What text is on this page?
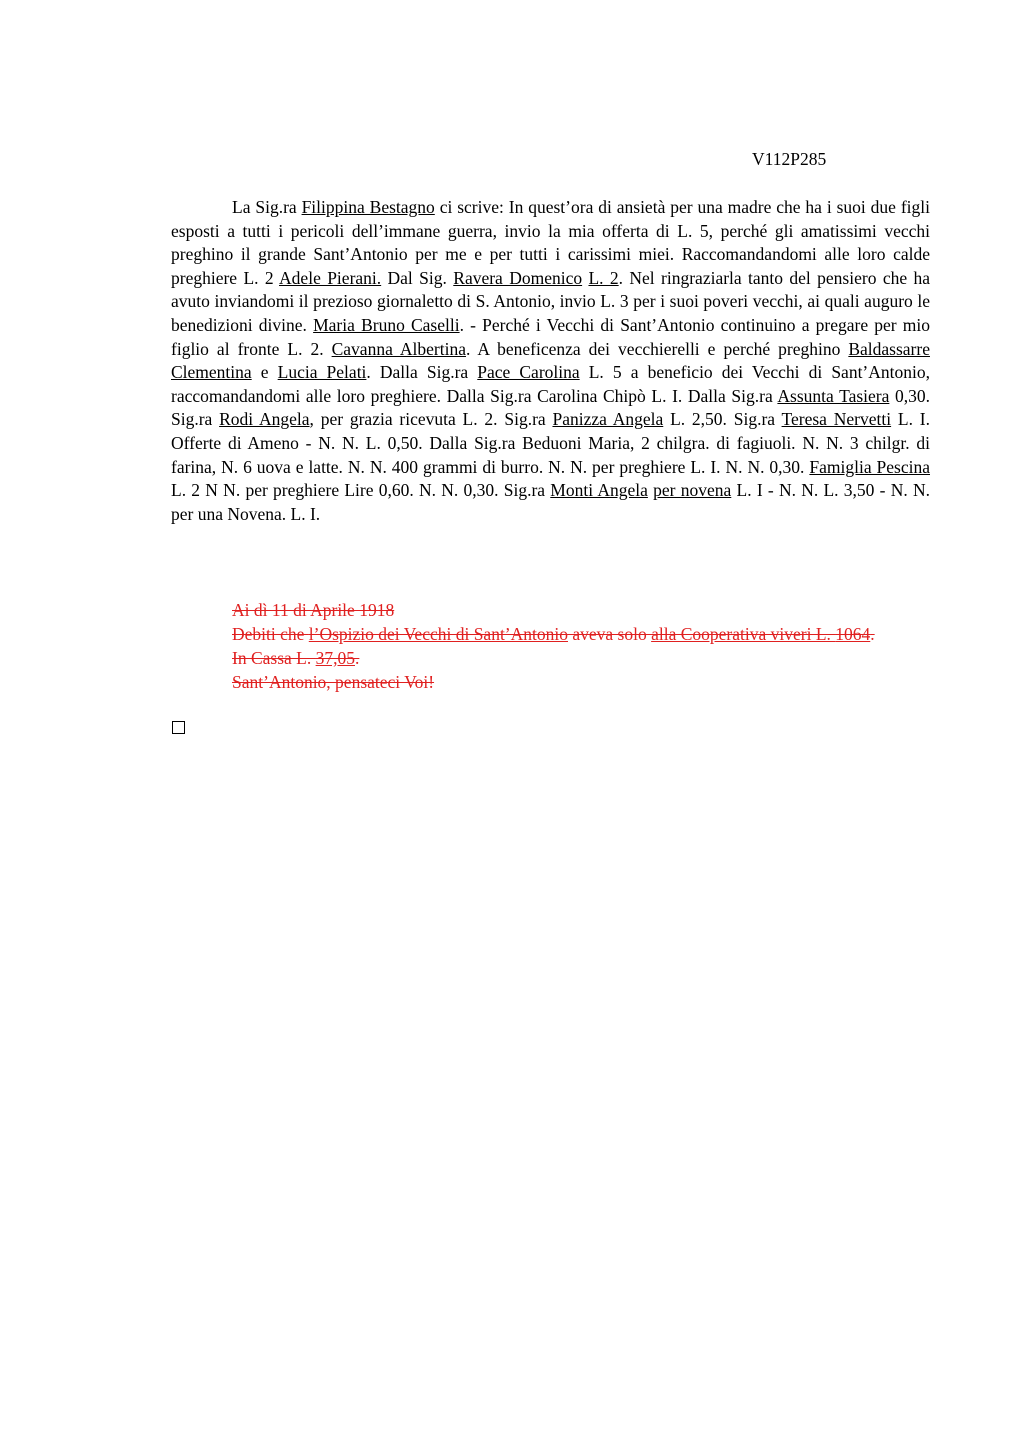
V112P285

La Sig.ra Filippina Bestagno ci scrive: In quest’ora di ansietà per una madre che ha i suoi due figli esposti a tutti i pericoli dell’immane guerra, invio la mia offerta di L. 5, perché gli amatissimi vecchi preghino il grande Sant’Antonio per me e per tutti i carissimi miei. Raccomandandomi alle loro calde preghiere L. 2 Adele Pierani. Dal Sig. Ravera Domenico L. 2. Nel ringraziarla tanto del pensiero che ha avuto inviandomi il prezioso giornaletto di S. Antonio, invio L. 3 per i suoi poveri vecchi, ai quali auguro le benedizioni divine. Maria Bruno Caselli. - Perché i Vecchi di Sant’Antonio continuino a pregare per mio figlio al fronte L. 2. Cavanna Albertina. A beneficenza dei vecchierelli e perché preghino Baldassarre Clementina e Lucia Pelati. Dalla Sig.ra Pace Carolina L. 5 a beneficio dei Vecchi di Sant’Antonio, raccomandandomi alle loro preghiere. Dalla Sig.ra Carolina Chipò L. I. Dalla Sig.ra Assunta Tasiera 0,30. Sig.ra Rodi Angela, per grazia ricevuta L. 2. Sig.ra Panizza Angela L. 2,50. Sig.ra Teresa Nervetti L. I. Offerte di Ameno - N. N. L. 0,50. Dalla Sig.ra Beduoni Maria, 2 chilgra. di fagiuoli. N. N. 3 chilgr. di farina, N. 6 uova e latte. N. N. 400 grammi di burro. N. N. per preghiere L. I. N. N. 0,30. Famiglia Pescina L. 2 N N. per preghiere Lire 0,60. N. N. 0,30. Sig.ra Monti Angela per novena L. I - N. N. L. 3,50 - N. N. per una Novena. L. I.

Ai dì 11 di Aprile 1918

Debiti che l’Ospizio dei Vecchi di Sant’Antonio aveva solo alla Cooperativa viveri L. 1064.

In Cassa L. 37,05.

Sant’Antonio, pensateci Voi!
